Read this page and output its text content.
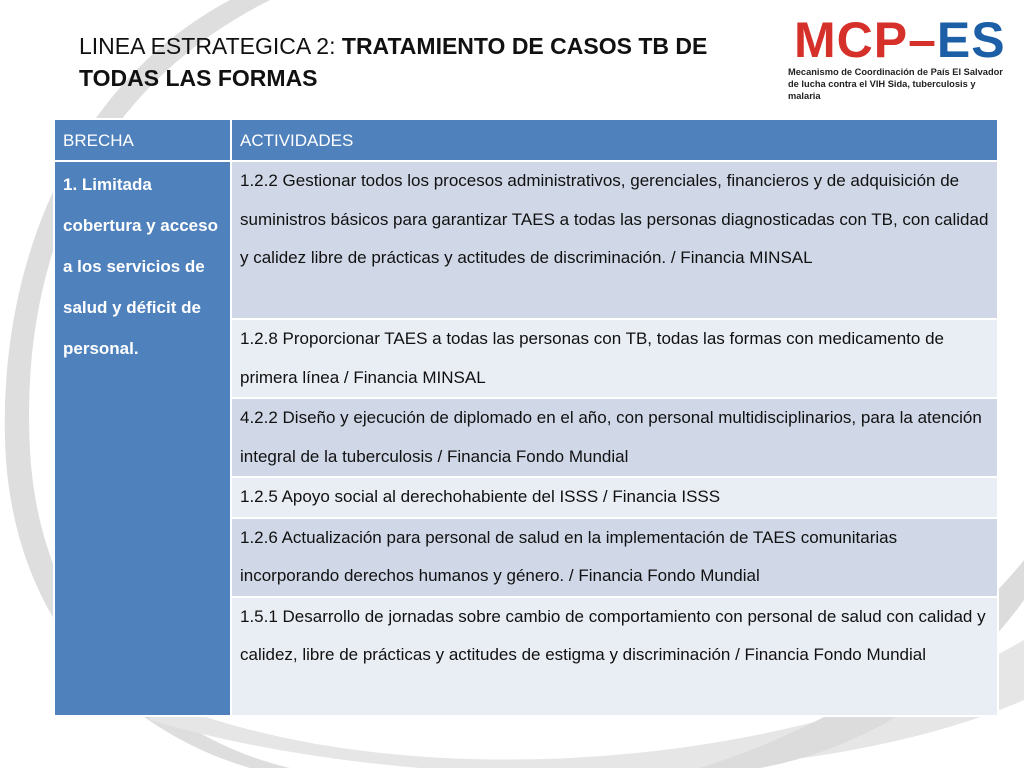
LINEA ESTRATEGICA 2: TRATAMIENTO DE CASOS TB DE TODAS LAS FORMAS
MCP–ES
Mecanismo de Coordinación de País El Salvador de lucha contra el VIH Sida, tuberculosis y malaria
BRECHA	ACTIVIDADES
1. Limitada cobertura y acceso a los servicios de salud y déficit de personal.	1.2.2 Gestionar todos los procesos administrativos, gerenciales, financieros y de adquisición de suministros básicos para garantizar TAES a todas las personas diagnosticadas con TB, con calidad y calidez libre de prácticas y actitudes de discriminación. / Financia MINSAL
	1.2.8 Proporcionar TAES a todas las personas con TB, todas las formas con medicamento de primera línea / Financia MINSAL
	4.2.2 Diseño y ejecución de diplomado en el año, con personal multidisciplinarios, para la atención integral de la tuberculosis / Financia Fondo Mundial
	1.2.5 Apoyo social al derechohabiente del ISSS / Financia ISSS
	1.2.6 Actualización para personal de salud en la implementación de TAES comunitarias incorporando derechos humanos y género. / Financia Fondo Mundial
	1.5.1 Desarrollo de jornadas sobre cambio de comportamiento con personal de salud con calidad y calidez, libre de prácticas y actitudes de estigma y discriminación / Financia Fondo Mundial
